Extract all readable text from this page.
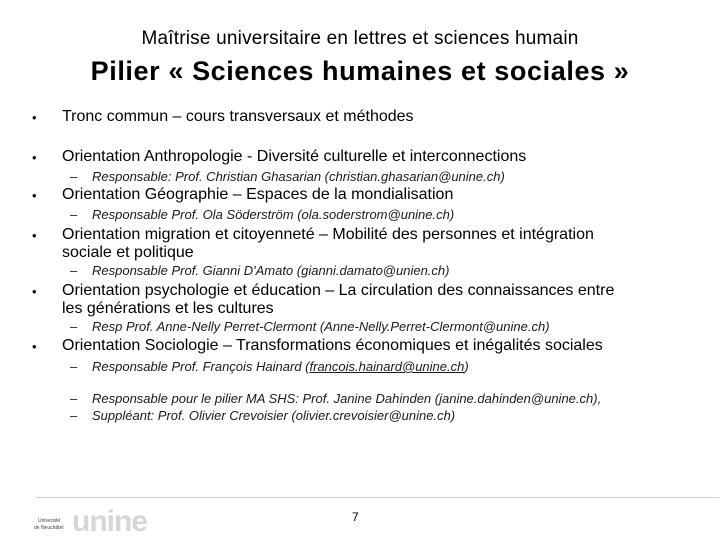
Maîtrise universitaire en lettres et sciences humain
Pilier « Sciences humaines et sociales »
• Tronc commun – cours transversaux et méthodes
• Orientation Anthropologie - Diversité culturelle et interconnections
– Responsable: Prof. Christian Ghasarian (christian.ghasarian@unine.ch)
• Orientation Géographie – Espaces de la mondialisation
– Responsable Prof. Ola Söderström (ola.soderstrom@unine.ch)
• Orientation migration et citoyenneté – Mobilité des personnes et intégration
sociale et politique
– Responsable Prof. Gianni D'Amato (gianni.damato@unien.ch)
• Orientation psychologie et éducation – La circulation des connaissances entre
les générations et les cultures
– Resp Prof. Anne-Nelly Perret-Clermont (Anne-Nelly.Perret-Clermont@unine.ch)
• Orientation Sociologie – Transformations économiques et inégalités sociales
– Responsable Prof. François Hainard (francois.hainard@unine.ch)
– Responsable pour le pilier MA SHS: Prof. Janine Dahinden (janine.dahinden@unine.ch),
– Suppléant: Prof. Olivier Crevoisier (olivier.crevoisier@unine.ch)
Université
de Neuchâtel unine	7
